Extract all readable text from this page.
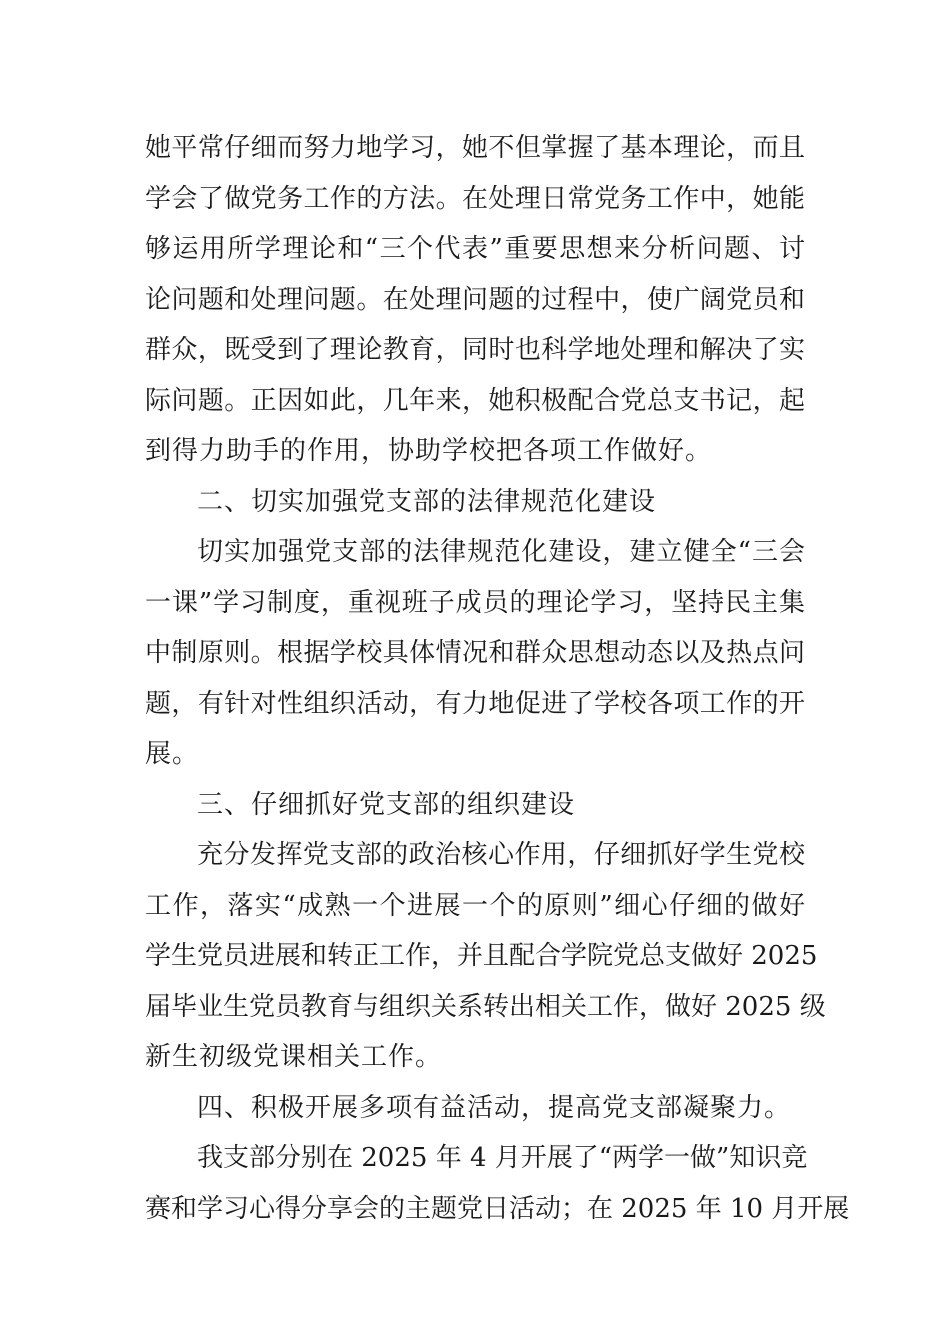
她平常仔细而努力地学习，她不但掌握了基本理论，而且
学会了做党务工作的方法。在处理日常党务工作中，她能
够运用所学理论和“三个代表”重要思想来分析问题、讨
论问题和处理问题。在处理问题的过程中，使广阔党员和
群众，既受到了理论教育，同时也科学地处理和解决了实
际问题。正因如此，几年来，她积极配合党总支书记，起
到得力助手的作用，协助学校把各项工作做好。
二、切实加强党支部的法律规范化建设
切实加强党支部的法律规范化建设，建立健全“三会
一课”学习制度，重视班子成员的理论学习，坚持民主集
中制原则。根据学校具体情况和群众思想动态以及热点问
题，有针对性组织活动，有力地促进了学校各项工作的开
展。
三、仔细抓好党支部的组织建设
充分发挥党支部的政治核心作用，仔细抓好学生党校
工作，落实“成熟一个进展一个的原则”细心仔细的做好
学生党员进展和转正工作，并且配合学院党总支做好 2025
届毕业生党员教育与组织关系转出相关工作，做好 2025 级
新生初级党课相关工作。
四、积极开展多项有益活动，提高党支部凝聚力。
我支部分别在 2025 年 4 月开展了“两学一做”知识竞
赛和学习心得分享会的主题党日活动；在 2025 年 10 月开展
